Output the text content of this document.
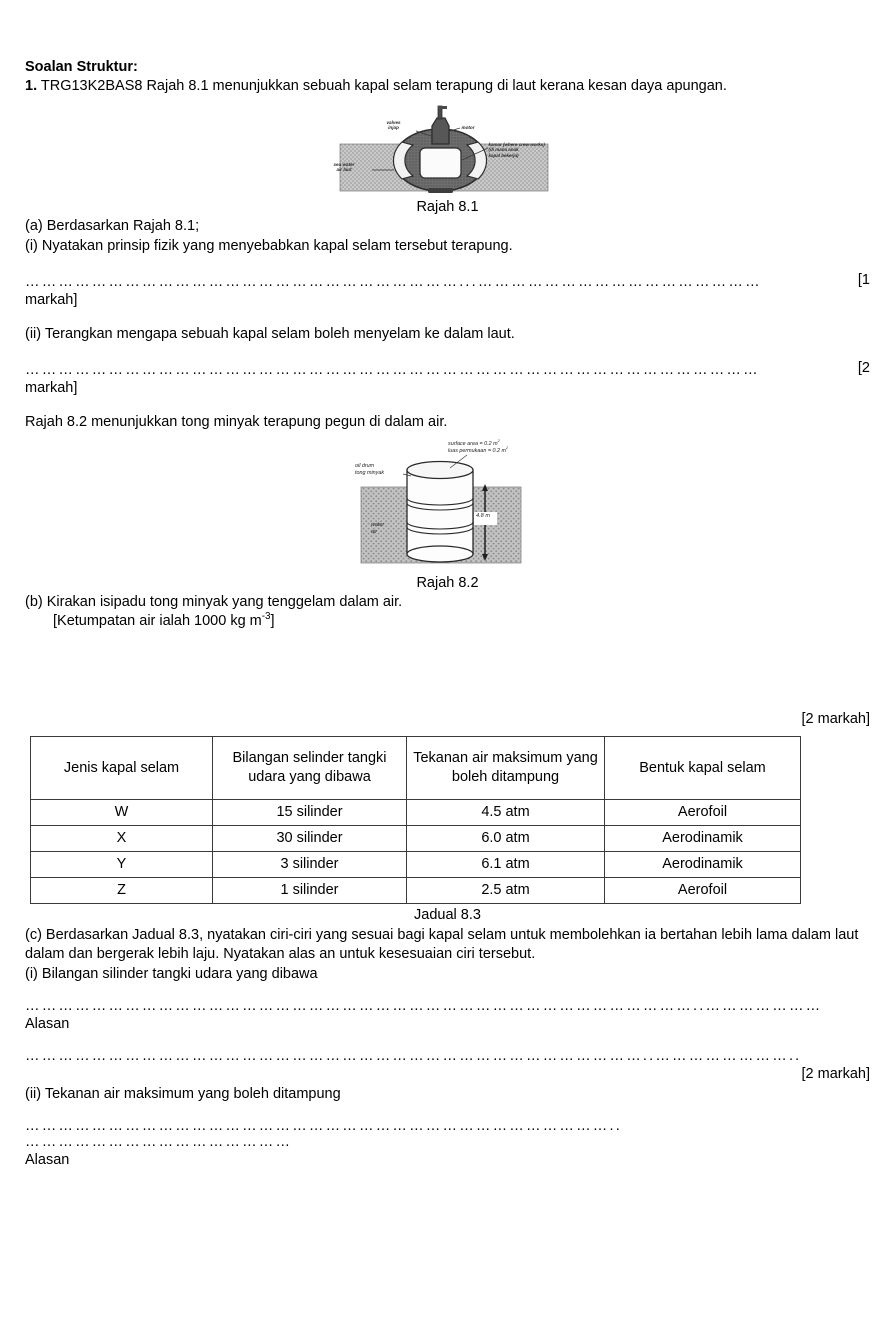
Soalan Struktur:
1. TRG13K2BAS8 Rajah 8.1 menunjukkan sebuah kapal selam terapung di laut kerana kesan daya apungan.
valves
injap	motor
kamar (where crew works)
(di mana anak
kapal bekerja)
sea water
air laut
Rajah 8.1
(a) Berdasarkan Rajah 8.1;
(i) Nyatakan prinsip fizik yang menyebabkan kapal selam tersebut terapung.
……………………………………………………………………...……………………………………………	[1
markah]
(ii) Terangkan mengapa sebuah kapal selam boleh menyelam ke dalam laut.
……………………………………………………………………………………………………………………	[2
markah]
Rajah 8.2 menunjukkan tong minyak terapung pegun di dalam air.
surface area = 0.2 $m^2$
luas permukaan = 0.2 $m^2$
oil drum
tong minyak
water
air
4.8 m
Rajah 8.2
(b) Kirakan isipadu tong minyak yang tenggelam dalam air.
[Ketumpatan air ialah 1000 kg $m^{-3}$]
[2 markah]
Jenis kapal selam	Bilangan selinder tangki udara yang dibawa	Tekanan air maksimum yang boleh ditampung	Bentuk kapal selam
W	15 silinder	4.5 atm	Aerofoil
X	30 silinder	6.0 atm	Aerodinamik
Y	3 silinder	6.1 atm	Aerodinamik
Z	1 silinder	2.5 atm	Aerofoil
Jadual 8.3
(c) Berdasarkan Jadual 8.3, nyatakan ciri-ciri yang sesuai bagi kapal selam untuk membolehkan ia bertahan lebih lama dalam laut dalam dan bergerak lebih laju. Nyatakan alas an untuk kesesuaian ciri tersebut.
(i) Bilangan silinder tangki udara yang dibawa
…………………………………………………………………………………………………………..…………………
Alasan
…………………………………………………………………………………………………..……………………..
[2 markah]
(ii) Tekanan air maksimum yang boleh ditampung
……………………………………………………………………………………………..
…………………………………………
Alasan
